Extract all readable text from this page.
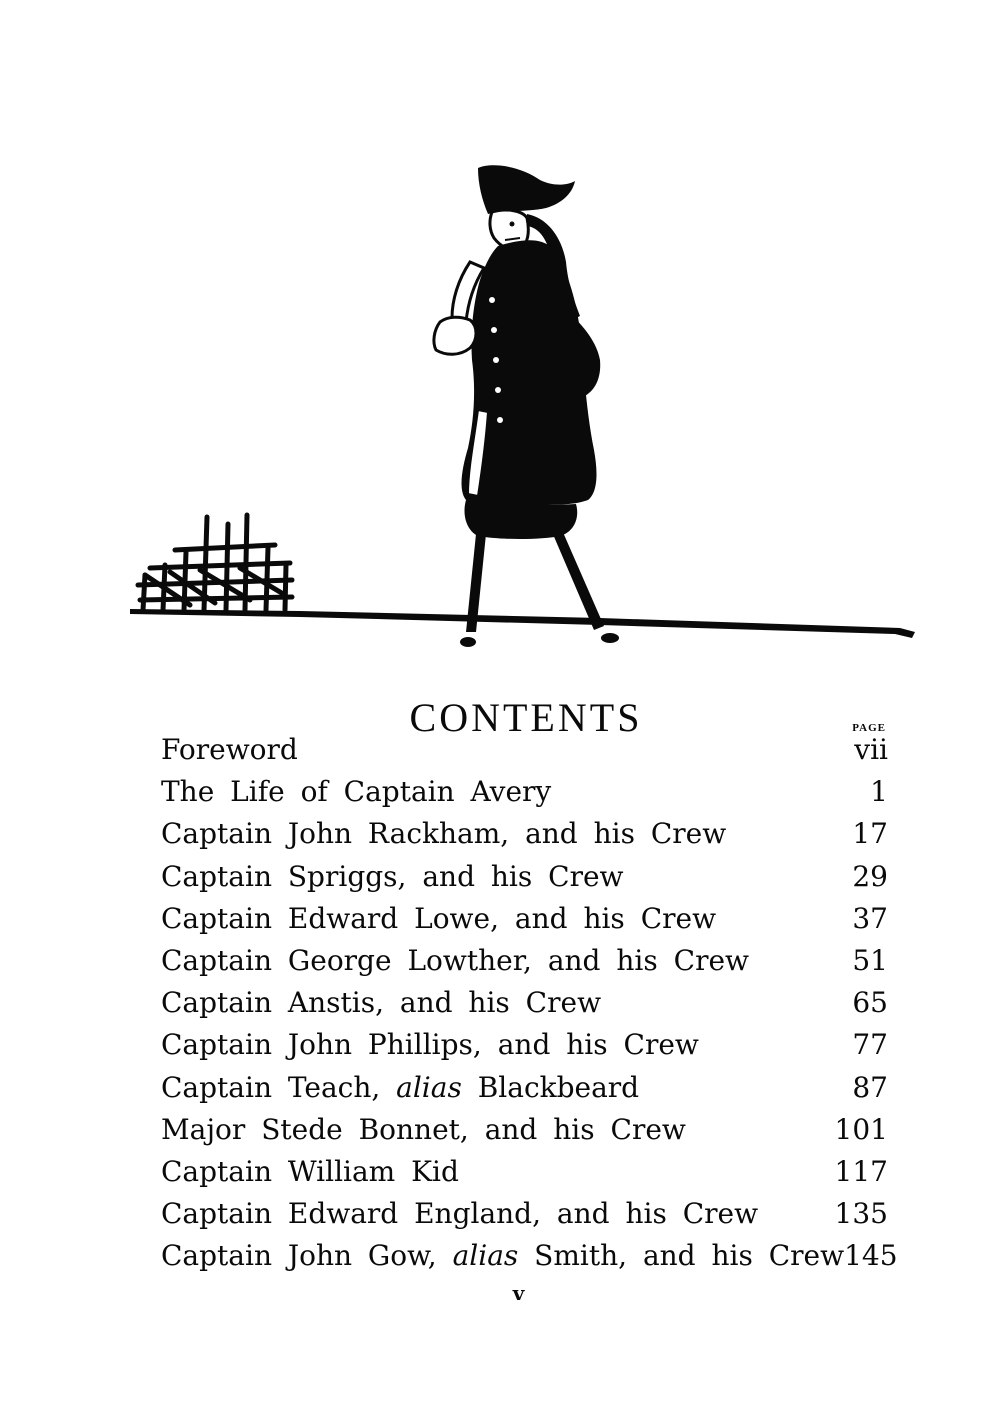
CONTENTS	PAGE
Foreword	vii
The Life of Captain Avery	1
Captain John Rackham, and his Crew	17
Captain Spriggs, and his Crew	29
Captain Edward Lowe, and his Crew	37
Captain George Lowther, and his Crew	51
Captain Anstis, and his Crew	65
Captain John Phillips, and his Crew	77
Captain Teach, alias Blackbeard	87
Major Stede Bonnet, and his Crew	101
Captain William Kid	117
Captain Edward England, and his Crew	135
Captain John Gow, alias Smith, and his Crew 145
v
